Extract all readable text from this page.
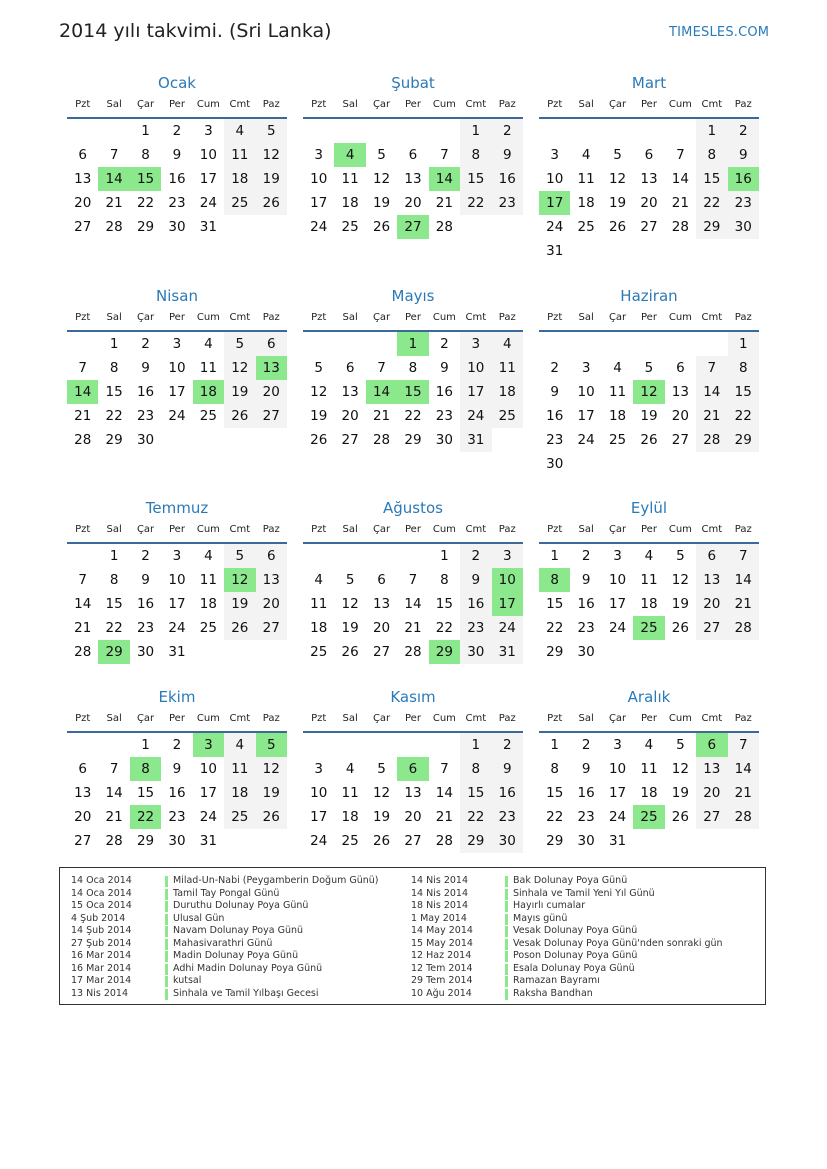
2014 yılı takvimi. (Sri Lanka)	TIMESLES.COM
Ocak
Pzt	Sal	Çar	Per	Cum	Cmt	Paz
		1	2	3	4	5
6	7	8	9	10	11	12
13	14	15	16	17	18	19
20	21	22	23	24	25	26
27	28	29	30	31		
Şubat
Pzt	Sal	Çar	Per	Cum	Cmt	Paz
					1	2
3	4	5	6	7	8	9
10	11	12	13	14	15	16
17	18	19	20	21	22	23
24	25	26	27	28		
Mart
Pzt	Sal	Çar	Per	Cum	Cmt	Paz
					1	2
3	4	5	6	7	8	9
10	11	12	13	14	15	16
17	18	19	20	21	22	23
24	25	26	27	28	29	30
31						
Nisan
Pzt	Sal	Çar	Per	Cum	Cmt	Paz
	1	2	3	4	5	6
7	8	9	10	11	12	13
14	15	16	17	18	19	20
21	22	23	24	25	26	27
28	29	30				
Mayıs
Pzt	Sal	Çar	Per	Cum	Cmt	Paz
			1	2	3	4
5	6	7	8	9	10	11
12	13	14	15	16	17	18
19	20	21	22	23	24	25
26	27	28	29	30	31	
Haziran
Pzt	Sal	Çar	Per	Cum	Cmt	Paz
						1
2	3	4	5	6	7	8
9	10	11	12	13	14	15
16	17	18	19	20	21	22
23	24	25	26	27	28	29
30						
Temmuz
Pzt	Sal	Çar	Per	Cum	Cmt	Paz
	1	2	3	4	5	6
7	8	9	10	11	12	13
14	15	16	17	18	19	20
21	22	23	24	25	26	27
28	29	30	31			
Ağustos
Pzt	Sal	Çar	Per	Cum	Cmt	Paz
				1	2	3
4	5	6	7	8	9	10
11	12	13	14	15	16	17
18	19	20	21	22	23	24
25	26	27	28	29	30	31
Eylül
Pzt	Sal	Çar	Per	Cum	Cmt	Paz
1	2	3	4	5	6	7
8	9	10	11	12	13	14
15	16	17	18	19	20	21
22	23	24	25	26	27	28
29	30					
Ekim
Pzt	Sal	Çar	Per	Cum	Cmt	Paz
		1	2	3	4	5
6	7	8	9	10	11	12
13	14	15	16	17	18	19
20	21	22	23	24	25	26
27	28	29	30	31		
Kasım
Pzt	Sal	Çar	Per	Cum	Cmt	Paz
					1	2
3	4	5	6	7	8	9
10	11	12	13	14	15	16
17	18	19	20	21	22	23
24	25	26	27	28	29	30
Aralık
Pzt	Sal	Çar	Per	Cum	Cmt	Paz
1	2	3	4	5	6	7
8	9	10	11	12	13	14
15	16	17	18	19	20	21
22	23	24	25	26	27	28
29	30	31				
14 Oca 2014	Milad-Un-Nabi (Peygamberin Doğum Günü)
14 Oca 2014	Tamil Tay Pongal Günü
15 Oca 2014	Duruthu Dolunay Poya Günü
4 Şub 2014	Ulusal Gün
14 Şub 2014	Navam Dolunay Poya Günü
27 Şub 2014	Mahasivarathri Günü
16 Mar 2014	Madin Dolunay Poya Günü
16 Mar 2014	Adhi Madin Dolunay Poya Günü
17 Mar 2014	kutsal
13 Nis 2014	Sinhala ve Tamil Yılbaşı Gecesi
14 Nis 2014	Bak Dolunay Poya Günü
14 Nis 2014	Sinhala ve Tamil Yeni Yıl Günü
18 Nis 2014	Hayırlı cumalar
1 May 2014	Mayıs günü
14 May 2014	Vesak Dolunay Poya Günü
15 May 2014	Vesak Dolunay Poya Günü'nden sonraki gün
12 Haz 2014	Poson Dolunay Poya Günü
12 Tem 2014	Esala Dolunay Poya Günü
29 Tem 2014	Ramazan Bayramı
10 Ağu 2014	Raksha Bandhan
